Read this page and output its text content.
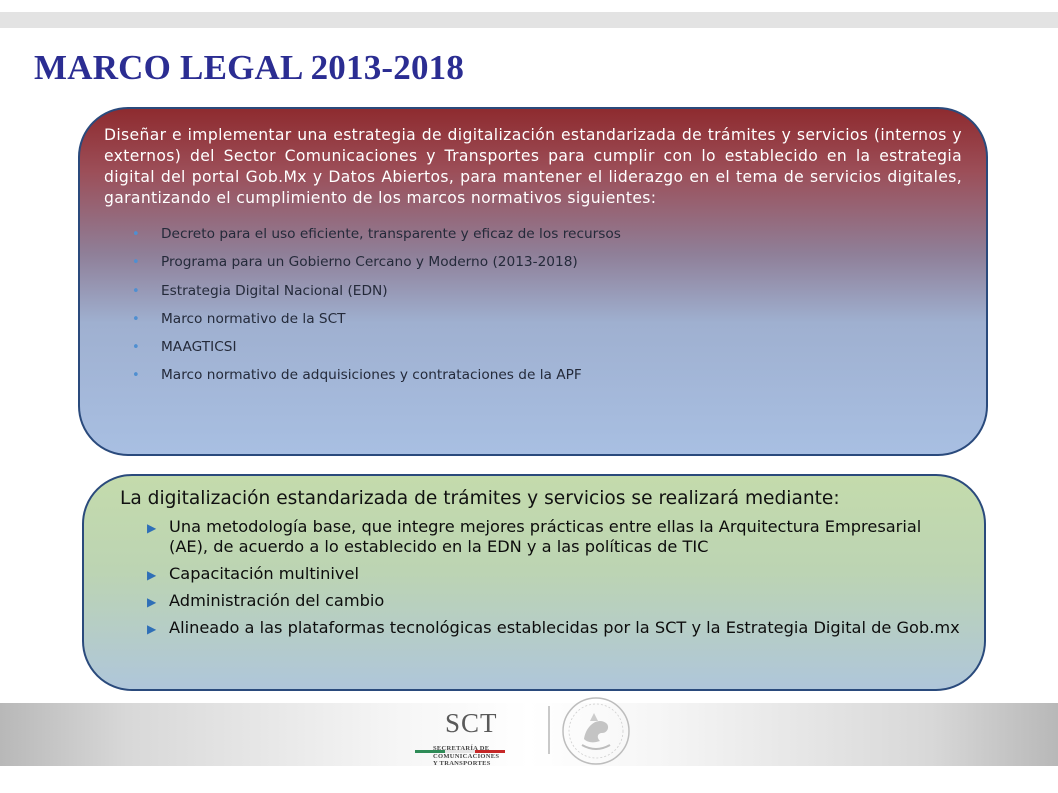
MARCO LEGAL 2013-2018

Diseñar e implementar una estrategia de digitalización estandarizada de trámites y servicios (internos y externos) del Sector Comunicaciones y Transportes para cumplir con lo establecido en la estrategia digital del portal Gob.Mx y Datos Abiertos, para mantener el liderazgo en el tema de servicios digitales, garantizando el cumplimiento de los marcos normativos siguientes:

• Decreto para el uso eficiente, transparente y eficaz de los recursos
• Programa para un Gobierno Cercano y Moderno (2013-2018)
• Estrategia Digital Nacional (EDN)
• Marco normativo de la SCT
• MAAGTICSI
• Marco normativo de adquisiciones y contrataciones de la APF

La digitalización estandarizada de trámites y servicios se realizará mediante:

▶ Una metodología base, que integre mejores prácticas entre ellas la Arquitectura Empresarial (AE), de acuerdo a lo establecido en la EDN y a las políticas de TIC
▶ Capacitación multinivel
▶ Administración del cambio
▶ Alineado a las plataformas tecnológicas establecidas por la SCT y la Estrategia Digital de Gob.mx
SCT
SECRETARÍA DE
COMUNICACIONES
Y TRANSPORTES
